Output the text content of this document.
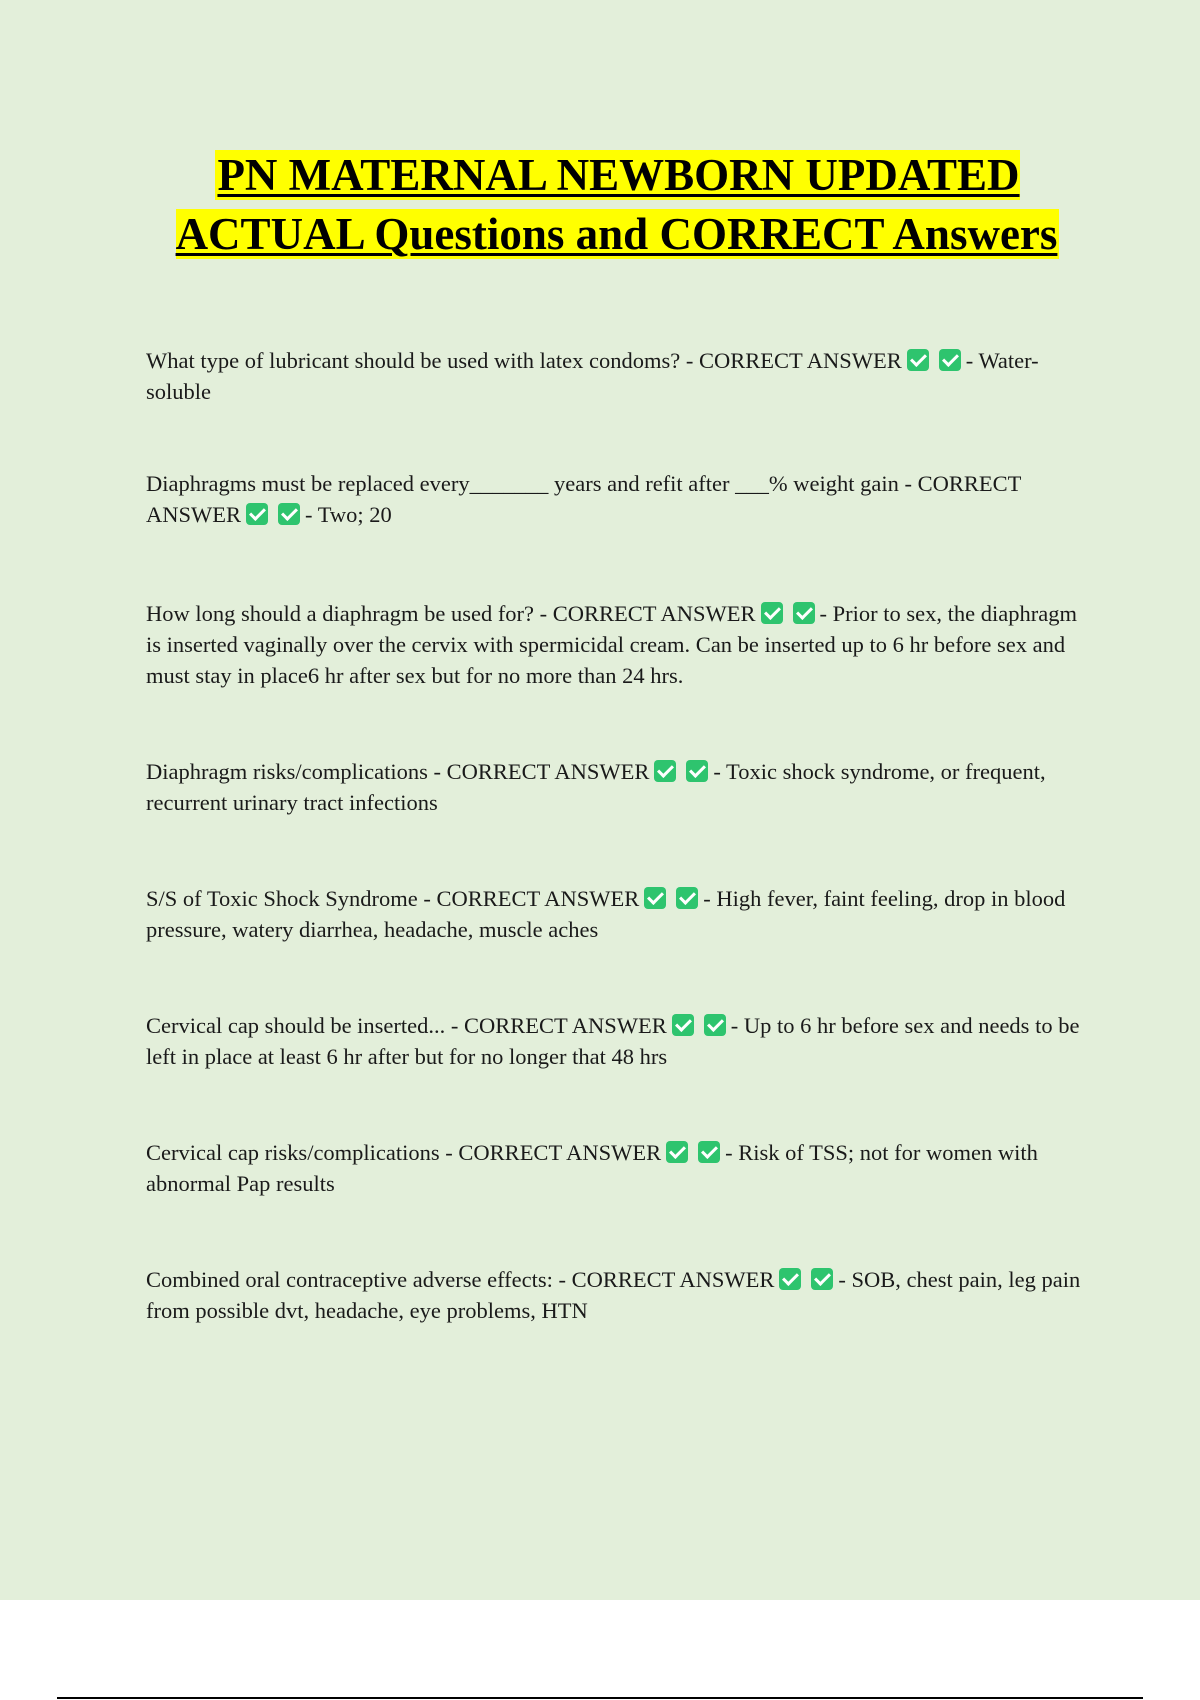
PN MATERNAL NEWBORN UPDATED ACTUAL Questions and CORRECT Answers

What type of lubricant should be used with latex condoms? - CORRECT ANSWER	- Water-soluble

Diaphragms must be replaced every_______ years and refit after ___% weight gain - CORRECT ANSWER	- Two; 20

How long should a diaphragm be used for? - CORRECT ANSWER	- Prior to sex, the diaphragm is inserted vaginally over the cervix with spermicidal cream. Can be inserted up to 6 hr before sex and must stay in place6 hr after sex but for no more than 24 hrs.

Diaphragm risks/complications - CORRECT ANSWER	- Toxic shock syndrome, or frequent, recurrent urinary tract infections

S/S of Toxic Shock Syndrome - CORRECT ANSWER	- High fever, faint feeling, drop in blood pressure, watery diarrhea, headache, muscle aches

Cervical cap should be inserted... - CORRECT ANSWER	- Up to 6 hr before sex and needs to be left in place at least 6 hr after but for no longer that 48 hrs

Cervical cap risks/complications - CORRECT ANSWER	- Risk of TSS; not for women with abnormal Pap results

Combined oral contraceptive adverse effects: - CORRECT ANSWER	- SOB, chest pain, leg pain from possible dvt, headache, eye problems, HTN
